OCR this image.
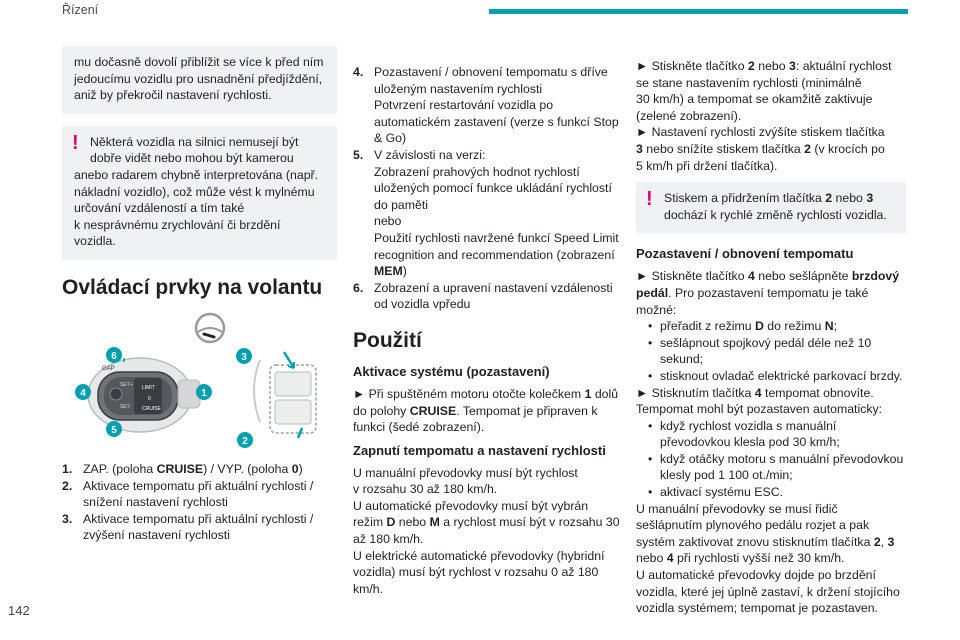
Řízení
142

mu dočasně dovolí přiblížit se více k před ním jedoucímu vozidlu pro usnadnění předjíždění, aniž by překročil nastavení rychlosti.

! Některá vozidla na silnici nemusejí být dobře vidět nebo mohou být kamerou

anebo radarem chybně interpretována (např. nákladní vozidlo), což může vést k mylnému určování vzdáleností a tím také
k nesprávnému zrychlování či brzdění vozidla.

Ovládací prvky na volantu
LIMIT
CRUISE
0
GAP
SET+
SET-
6
4
5
1
3
2
1. ZAP. (poloha CRUISE) / VYP. (poloha 0)
2. Aktivace tempomatu při aktuální rychlosti / snížení nastavení rychlosti
3. Aktivace tempomatu při aktuální rychlosti / zvýšení nastavení rychlosti
4. Pozastavení / obnovení tempomatu s dříve uloženým nastavením rychlosti
Potvrzení restartování vozidla po automatickém zastavení (verze s funkcí Stop & Go)
5. V závislosti na verzi:
Zobrazení prahových hodnot rychlostí uložených pomocí funkce ukládání rychlostí do paměti
nebo
Použití rychlosti navržené funkcí Speed Limit recognition and recommendation (zobrazení MEM)
6. Zobrazení a upravení nastavení vzdálenosti od vozidla vpředu
Použití
Aktivace systému (pozastavení)

► Při spuštěném motoru otočte kolečkem 1 dolů do polohy CRUISE. Tempomat je připraven k funkci (šedé zobrazení).

Zapnutí tempomatu a nastavení rychlosti

U manuální převodovky musí být rychlost
v rozsahu 30 až 180 km/h.

U automatické převodovky musí být vybrán režim D nebo M a rychlost musí být v rozsahu 30 až 180 km/h.

U elektrické automatické převodovky (hybridní vozidla) musí být rychlost v rozsahu 0 až 180 km/h.

► Stiskněte tlačítko 2 nebo 3: aktuální rychlost se stane nastavením rychlosti (minimálně
30 km/h) a tempomat se okamžitě zaktivuje (zelené zobrazení).

► Nastavení rychlosti zvýšíte stiskem tlačítka
3 nebo snížíte stiskem tlačítka 2 (v krocích po
5 km/h při držení tlačítka).

! Stiskem a přidržením tlačítka 2 nebo 3 dochází k rychlé změně rychlosti vozidla.

Pozastavení / obnovení tempomatu

► Stiskněte tlačítko 4 nebo sešlápněte brzdový pedál. Pro pozastavení tempomatu je také možné:

• přeřadit z režimu D do režimu N;
• sešlápnout spojkový pedál déle než 10 sekund;
• stisknout ovladač elektrické parkovací brzdy.

► Stisknutím tlačítka 4 tempomat obnovíte.

Tempomat mohl být pozastaven automaticky:

• když rychlost vozidla s manuální převodovkou klesla pod 30 km/h;
• když otáčky motoru s manuální převodovkou klesly pod 1 100 ot./min;
• aktivací systému ESC.

U manuální převodovky se musí řidič sešlápnutím plynového pedálu rozjet a pak systém zaktivovat znovu stisknutím tlačítka 2, 3
nebo 4 při rychlosti vyšší než 30 km/h.

U automatické převodovky dojde po brzdění vozidla, které jej úplně zastaví, k držení stojícího vozidla systémem; tempomat je pozastaven.
